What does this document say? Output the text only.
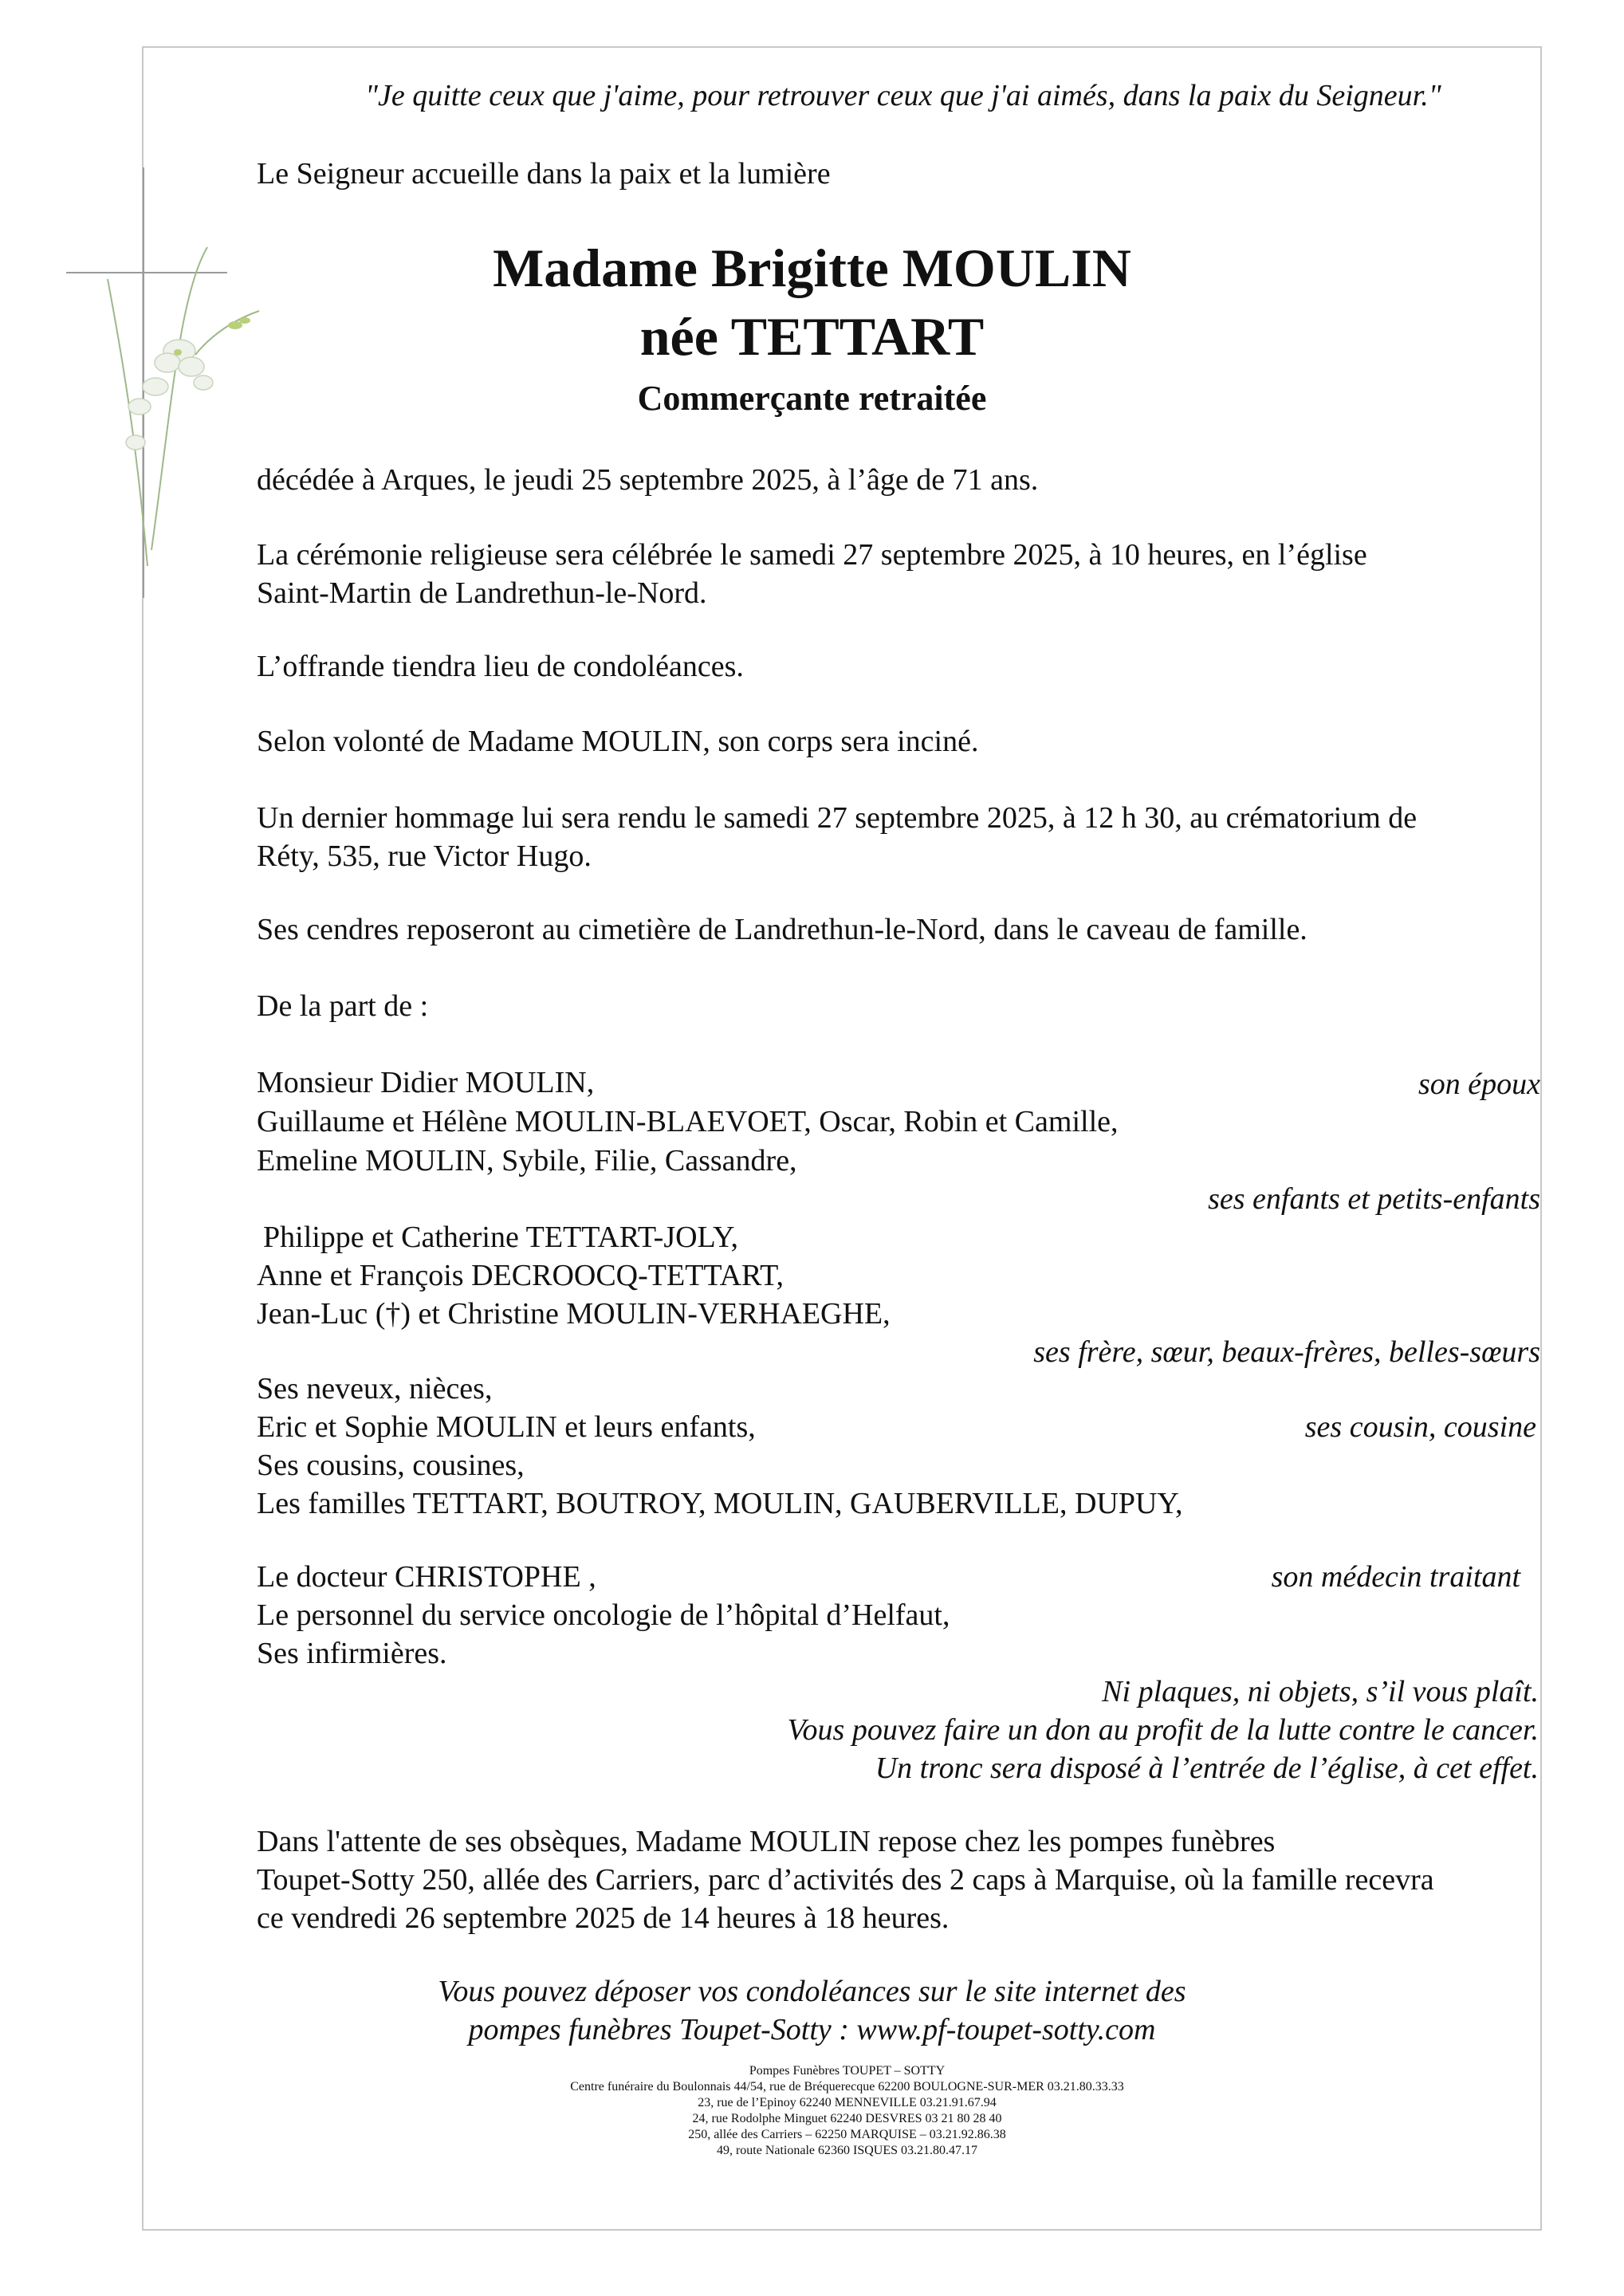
"Je quitte ceux que j'aime, pour retrouver ceux que j'ai aimés, dans la paix du Seigneur."
Le Seigneur accueille dans la paix et la lumière
Madame Brigitte MOULIN
née TETTART
Commerçante retraitée
décédée à Arques, le jeudi 25 septembre 2025, à l’âge de 71 ans.
La cérémonie religieuse sera célébrée le samedi 27 septembre 2025, à 10 heures, en l’église
Saint-Martin de Landrethun-le-Nord.
L’offrande tiendra lieu de condoléances.
Selon volonté de Madame MOULIN, son corps sera inciné.
Un dernier hommage lui sera rendu le samedi 27 septembre 2025, à 12 h 30, au crématorium de
Réty, 535, rue Victor Hugo.
Ses cendres reposeront au cimetière de Landrethun-le-Nord, dans le caveau de famille.
De la part de :
Monsieur Didier MOULIN,	son époux
Guillaume et Hélène MOULIN-BLAEVOET, Oscar, Robin et Camille,
Emeline MOULIN, Sybile, Filie, Cassandre,
ses enfants et petits-enfants
Philippe et Catherine TETTART-JOLY,
Anne et François DECROOCQ-TETTART,
Jean-Luc (†) et Christine MOULIN-VERHAEGHE,
ses frère, sœur, beaux-frères, belles-sœurs
Ses neveux, nièces,
Eric et Sophie MOULIN et leurs enfants,	ses cousin, cousine
Ses cousins, cousines,
Les familles TETTART, BOUTROY, MOULIN, GAUBERVILLE, DUPUY,
Le docteur CHRISTOPHE ,	son médecin traitant
Le personnel du service oncologie de l’hôpital d’Helfaut,
Ses infirmières.
Ni plaques, ni objets, s’il vous plaît.
Vous pouvez faire un don au profit de la lutte contre le cancer.
Un tronc sera disposé à l’entrée de l’église, à cet effet.
Dans l'attente de ses obsèques, Madame MOULIN repose chez les pompes funèbres
Toupet-Sotty 250, allée des Carriers, parc d’activités des 2 caps à Marquise, où la famille recevra
ce vendredi 26 septembre 2025 de 14 heures à 18 heures.
Vous pouvez déposer vos condoléances sur le site internet des
pompes funèbres Toupet-Sotty : www.pf-toupet-sotty.com
Pompes Funèbres TOUPET – SOTTY
Centre funéraire du Boulonnais 44/54, rue de Bréquerecque 62200 BOULOGNE-SUR-MER 03.21.80.33.33
23, rue de l’Epinoy 62240 MENNEVILLE 03.21.91.67.94
24, rue Rodolphe Minguet 62240 DESVRES 03 21 80 28 40
250, allée des Carriers – 62250 MARQUISE – 03.21.92.86.38
49, route Nationale 62360 ISQUES 03.21.80.47.17
